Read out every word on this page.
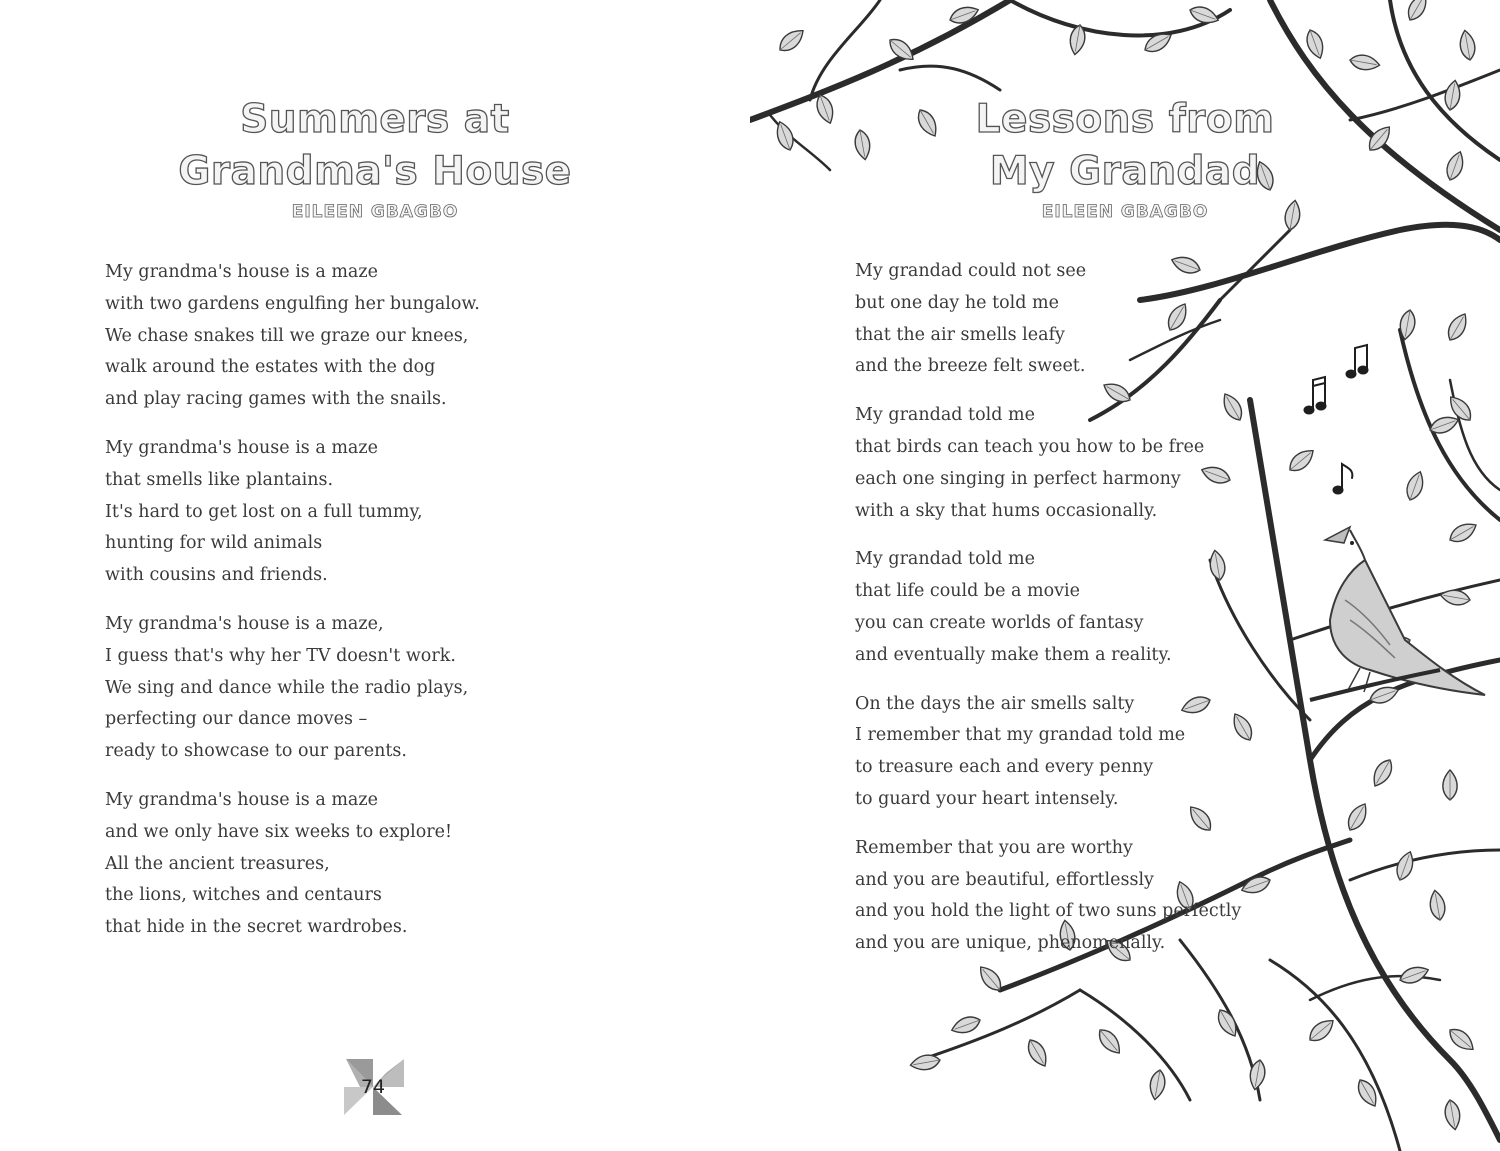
Summers at
Grandma's House
EILEEN GBAGBO
My grandma's house is a maze
with two gardens engulfing her bungalow.
We chase snakes till we graze our knees,
walk around the estates with the dog
and play racing games with the snails.
My grandma's house is a maze
that smells like plantains.
It's hard to get lost on a full tummy,
hunting for wild animals
with cousins and friends.
My grandma's house is a maze,
I guess that's why her TV doesn't work.
We sing and dance while the radio plays,
perfecting our dance moves –
ready to showcase to our parents.
My grandma's house is a maze
and we only have six weeks to explore!
All the ancient treasures,
the lions, witches and centaurs
that hide in the secret wardrobes.
74
Lessons from
My Grandad
EILEEN GBAGBO
My grandad could not see
but one day he told me
that the air smells leafy
and the breeze felt sweet.
My grandad told me
that birds can teach you how to be free
each one singing in perfect harmony
with a sky that hums occasionally.
My grandad told me
that life could be a movie
you can create worlds of fantasy
and eventually make them a reality.
On the days the air smells salty
I remember that my grandad told me
to treasure each and every penny
to guard your heart intensely.
Remember that you are worthy
and you are beautiful, effortlessly
and you hold the light of two suns perfectly
and you are unique, phenomenally.
